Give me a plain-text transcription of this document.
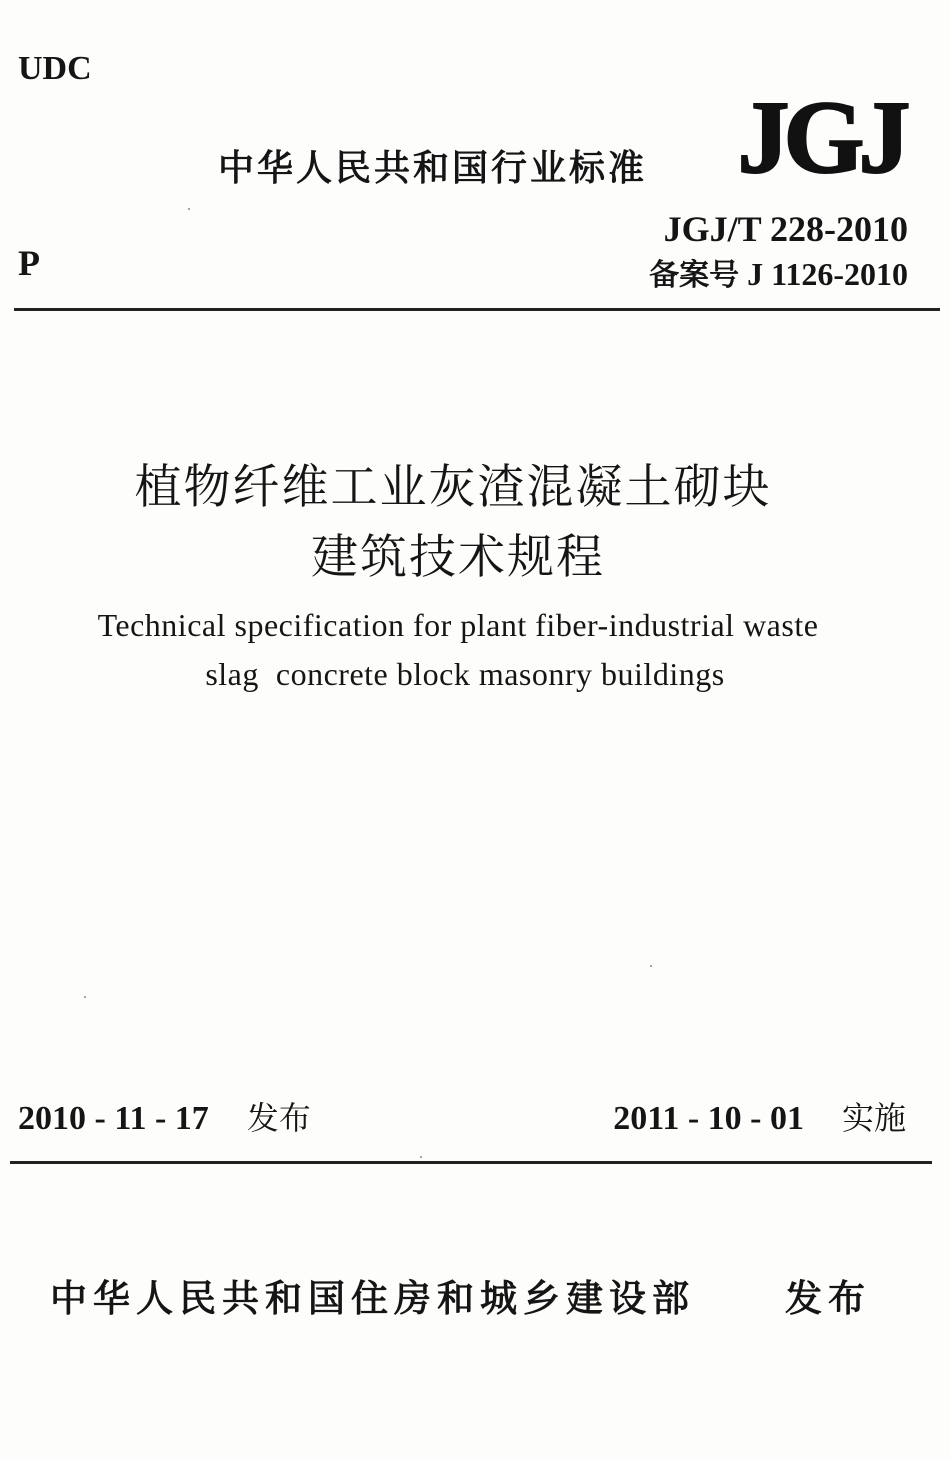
UDC
中华人民共和国行业标准 JGJ
JGJ/T 228-2010
P	备案号 J 1126-2010
植物纤维工业灰渣混凝土砌块
建筑技术规程
Technical specification for plant fiber-industrial waste
slag  concrete block masonry buildings
2010 - 11 - 17 发布	2011 - 10 - 01 实施
中华人民共和国住房和城乡建设部 发布
